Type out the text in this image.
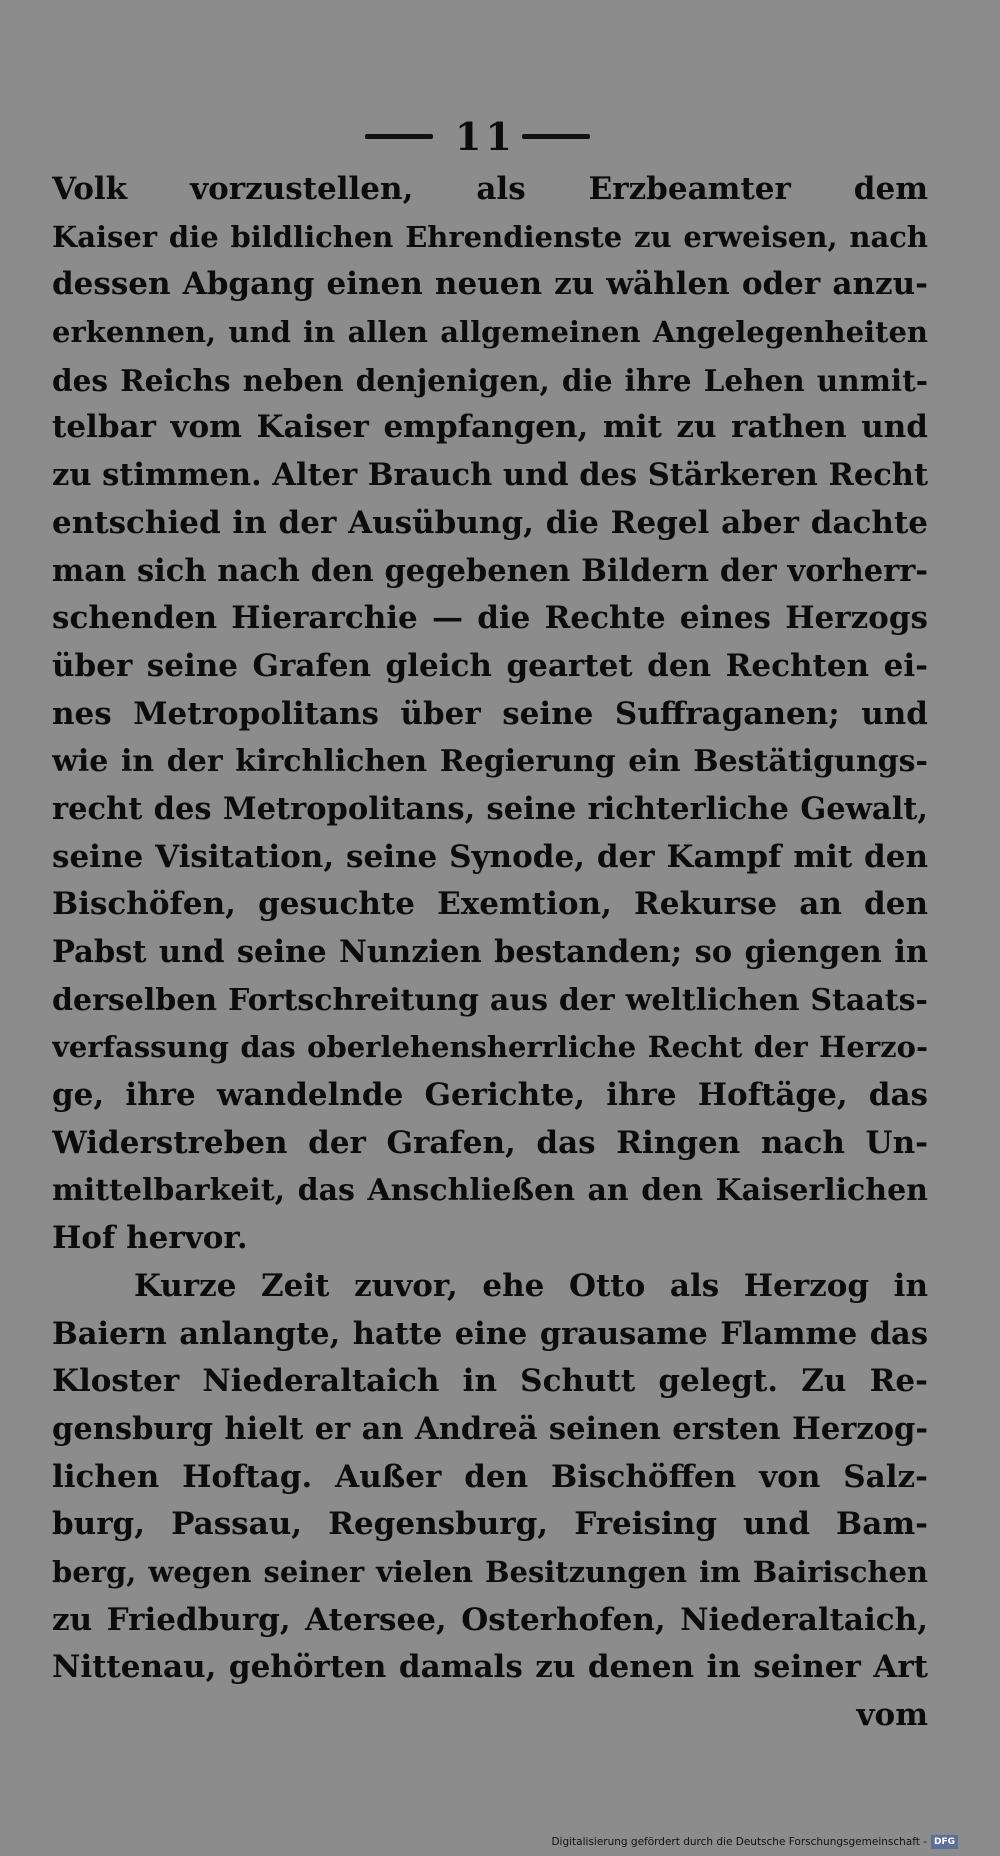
11
Volk vorzustellen, als Erzbeamter dem
Kaiser die bildlichen Ehrendienste zu erweisen, nach
dessen Abgang einen neuen zu wählen oder anzu-
erkennen, und in allen allgemeinen Angelegenheiten
des Reichs neben denjenigen, die ihre Lehen unmit-
telbar vom Kaiser empfangen, mit zu rathen und
zu stimmen. Alter Brauch und des Stärkeren Recht
entschied in der Ausübung, die Regel aber dachte
man sich nach den gegebenen Bildern der vorherr-
schenden Hierarchie — die Rechte eines Herzogs
über seine Grafen gleich geartet den Rechten ei-
nes Metropolitans über seine Suffraganen; und
wie in der kirchlichen Regierung ein Bestätigungs-
recht des Metropolitans, seine richterliche Gewalt,
seine Visitation, seine Synode, der Kampf mit den
Bischöfen, gesuchte Exemtion, Rekurse an den
Pabst und seine Nunzien bestanden; so giengen in
derselben Fortschreitung aus der weltlichen Staats-
verfassung das oberlehensherrliche Recht der Herzo-
ge, ihre wandelnde Gerichte, ihre Hoftäge, das
Widerstreben der Grafen, das Ringen nach Un-
mittelbarkeit, das Anschließen an den Kaiserlichen
Hof hervor.
Kurze Zeit zuvor, ehe Otto als Herzog in
Baiern anlangte, hatte eine grausame Flamme das
Kloster Niederaltaich in Schutt gelegt. Zu Re-
gensburg hielt er an Andreä seinen ersten Herzog-
lichen Hoftag. Außer den Bischöffen von Salz-
burg, Passau, Regensburg, Freising und Bam-
berg, wegen seiner vielen Besitzungen im Bairischen
zu Friedburg, Atersee, Osterhofen, Niederaltaich,
Nittenau, gehörten damals zu denen in seiner Art
vom
Digitalisierung gefördert durch die Deutsche Forschungsgemeinschaft - DFG
